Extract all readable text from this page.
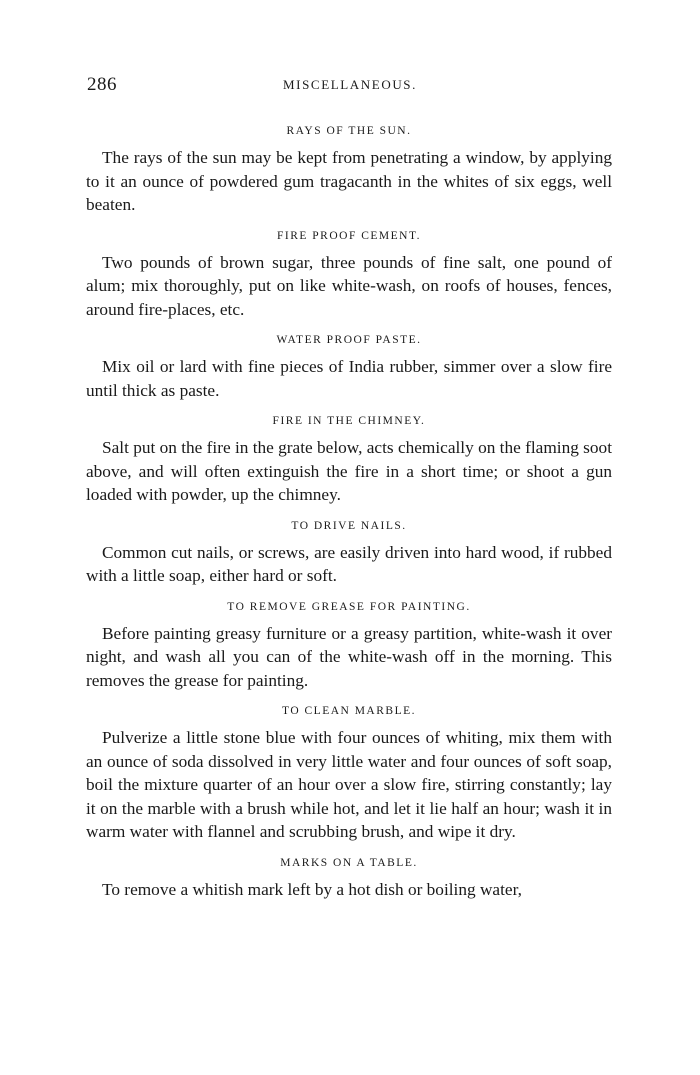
286	MISCELLANEOUS.
RAYS OF THE SUN.

The rays of the sun may be kept from penetrating a window, by applying to it an ounce of powdered gum tragacanth in the whites of six eggs, well beaten.

FIRE PROOF CEMENT.

Two pounds of brown sugar, three pounds of fine salt, one pound of alum; mix thoroughly, put on like white-wash, on roofs of houses, fences, around fire-places, etc.

WATER PROOF PASTE.

Mix oil or lard with fine pieces of India rubber, simmer over a slow fire until thick as paste.

FIRE IN THE CHIMNEY.

Salt put on the fire in the grate below, acts chemically on the flaming soot above, and will often extinguish the fire in a short time; or shoot a gun loaded with powder, up the chimney.

TO DRIVE NAILS.

Common cut nails, or screws, are easily driven into hard wood, if rubbed with a little soap, either hard or soft.

TO REMOVE GREASE FOR PAINTING.

Before painting greasy furniture or a greasy partition, white-wash it over night, and wash all you can of the white-wash off in the morning. This removes the grease for painting.

TO CLEAN MARBLE.

Pulverize a little stone blue with four ounces of whiting, mix them with an ounce of soda dissolved in very little water and four ounces of soft soap, boil the mixture quarter of an hour over a slow fire, stirring constantly; lay it on the marble with a brush while hot, and let it lie half an hour; wash it in warm water with flannel and scrubbing brush, and wipe it dry.

MARKS ON A TABLE.

To remove a whitish mark left by a hot dish or boiling water,
